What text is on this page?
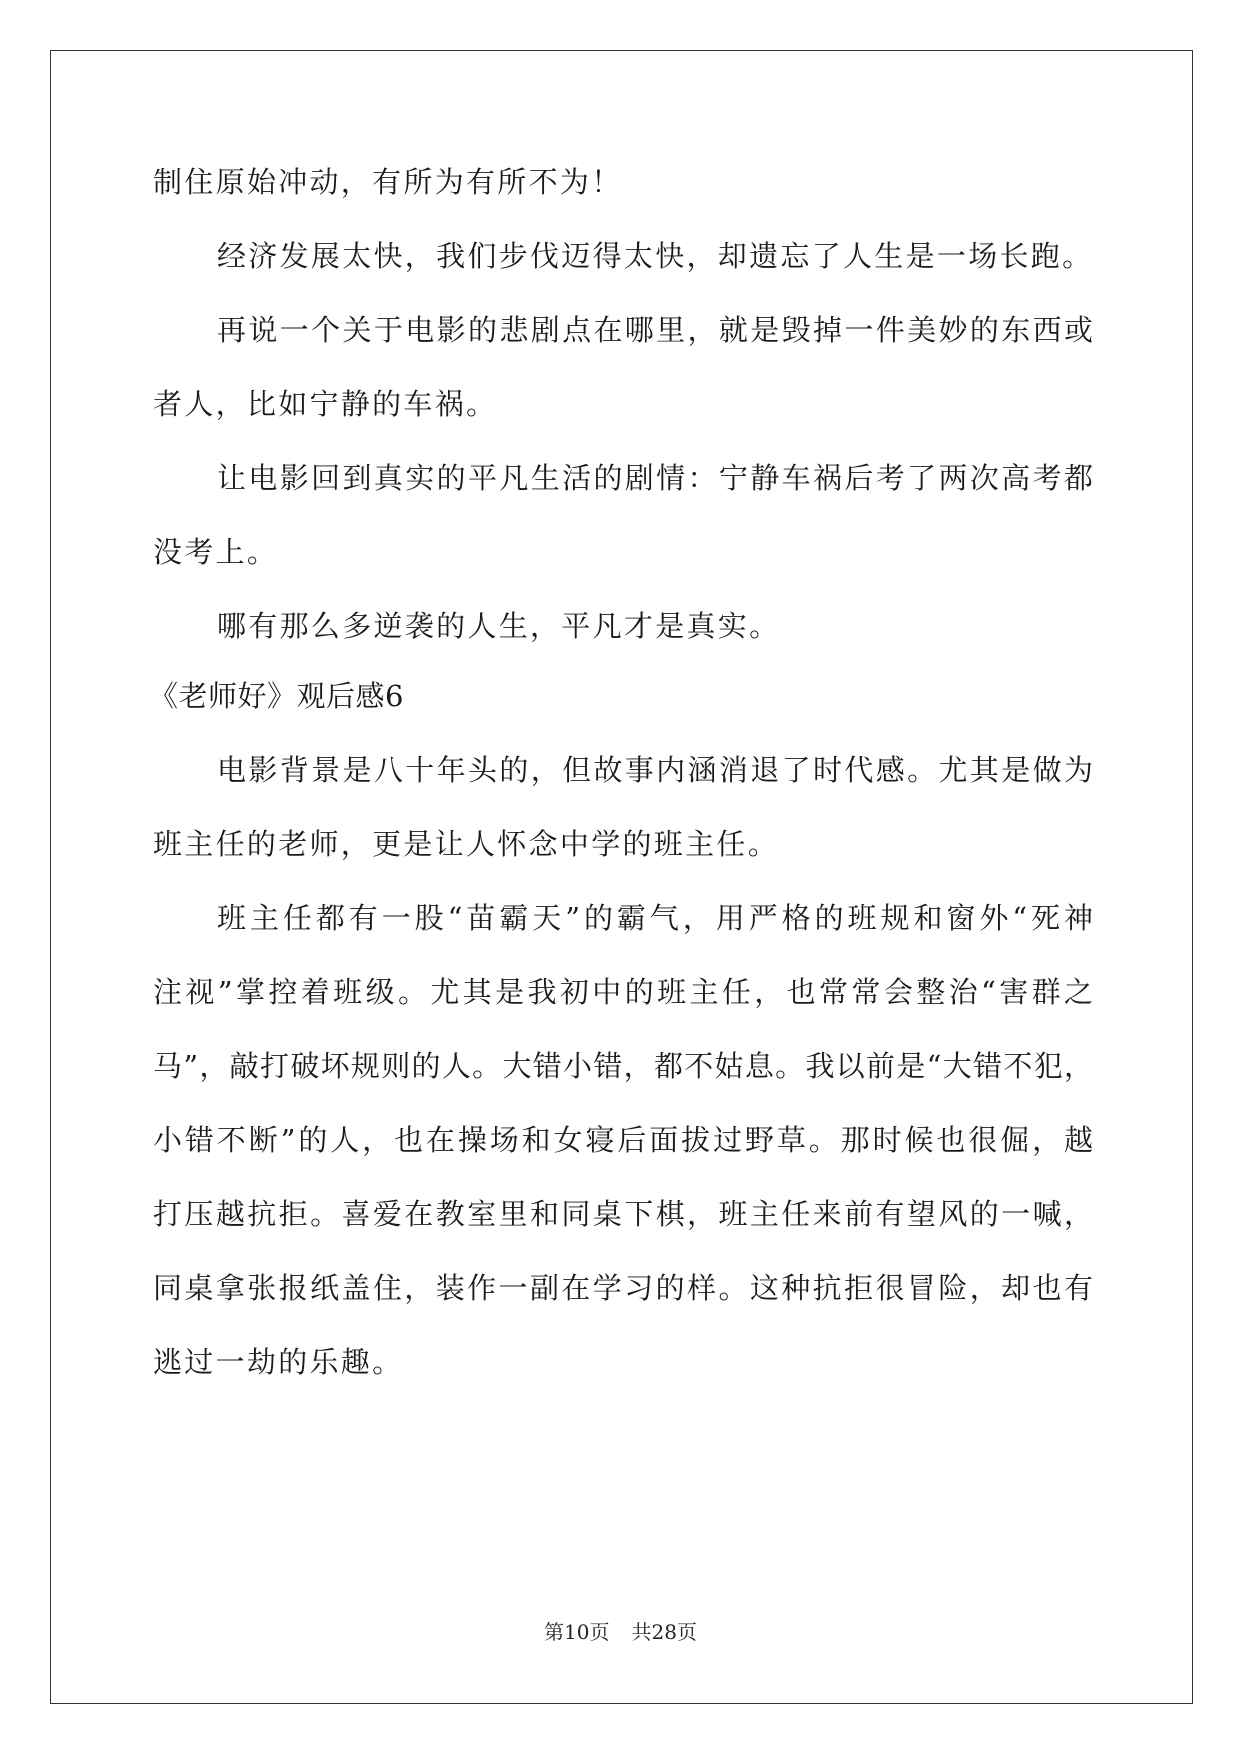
制住原始冲动，有所为有所不为！
经济发展太快，我们步伐迈得太快，却遗忘了人生是一场长跑。
再说一个关于电影的悲剧点在哪里，就是毁掉一件美妙的东西或
者人，比如宁静的车祸。
让电影回到真实的平凡生活的剧情：宁静车祸后考了两次高考都
没考上。
哪有那么多逆袭的人生，平凡才是真实。
《老师好》观后感6
电影背景是八十年头的，但故事内涵消退了时代感。尤其是做为
班主任的老师，更是让人怀念中学的班主任。
班主任都有一股“苗霸天”的霸气，用严格的班规和窗外“死神
注视”掌控着班级。尤其是我初中的班主任，也常常会整治“害群之
马”，敲打破坏规则的人。大错小错，都不姑息。我以前是“大错不犯，
小错不断”的人，也在操场和女寝后面拔过野草。那时候也很倔，越
打压越抗拒。喜爱在教室里和同桌下棋，班主任来前有望风的一喊，
同桌拿张报纸盖住，装作一副在学习的样。这种抗拒很冒险，却也有
逃过一劫的乐趣。
第10页 共28页
